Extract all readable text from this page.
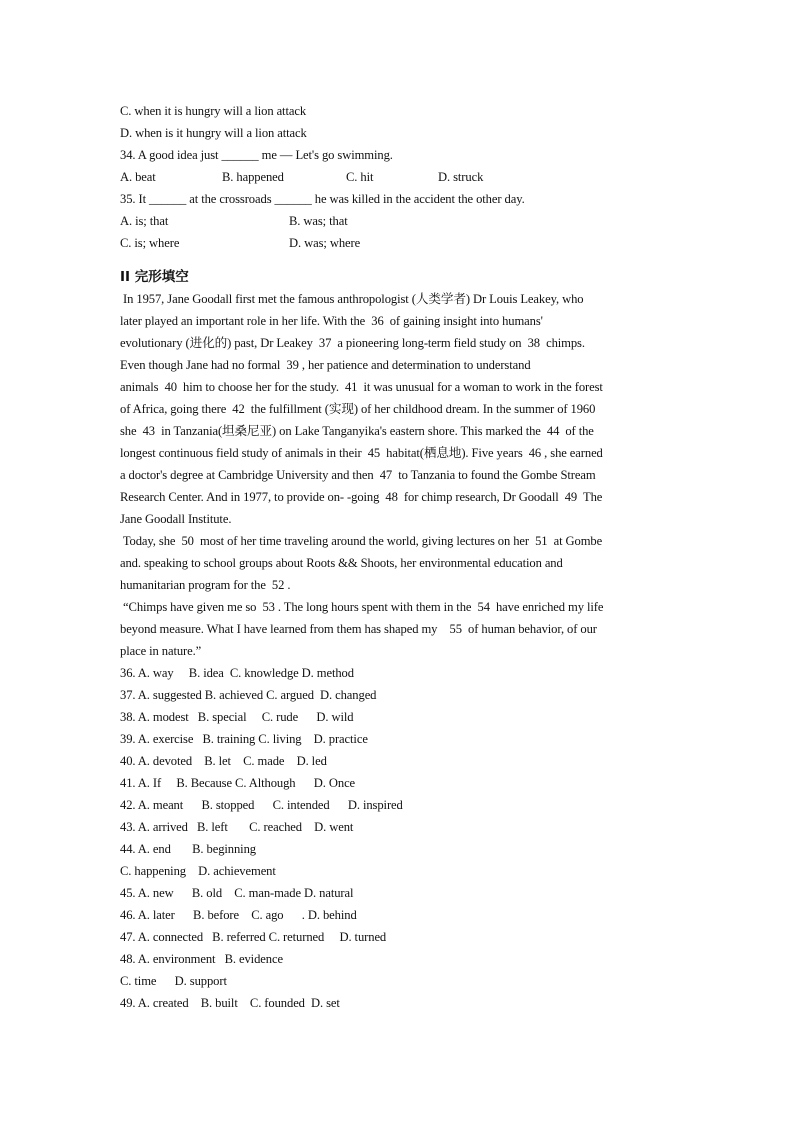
C. when it is hungry will a lion attack
D. when is it hungry will a lion attack
34. A good idea just ______ me — Let's go swimming.
A. beat	B. happened	C. hit	D. struck
35. It ______ at the crossroads ______ he was killed in the accident the other day.
A. is; that	B. was; that
C. is; where	D. was; where
II 完形填空
In 1957, Jane Goodall first met the famous anthropologist (人类学者) Dr Louis Leakey, who
later played an important role in her life. With the  36  of gaining insight into humans'
evolutionary (进化的) past, Dr Leakey  37  a pioneering long-term field study on  38  chimps.
Even though Jane had no formal  39 , her patience and determination to understand
animals  40  him to choose her for the study.  41  it was unusual for a woman to work in the forest
of Africa, going there  42  the fulfillment (实现) of her childhood dream. In the summer of 1960
she  43  in Tanzania(坦桑尼亚) on Lake Tanganyika's eastern shore. This marked the  44  of the
longest continuous field study of animals in their  45  habitat(栖息地). Five years  46 , she earned
a doctor's degree at Cambridge University and then  47  to Tanzania to found the Gombe Stream
Research Center. And in 1977, to provide on- -going  48  for chimp research, Dr Goodall  49  The
Jane Goodall Institute.
Today, she  50  most of her time traveling around the world, giving lectures on her  51  at Gombe
and. speaking to school groups about Roots && Shoots, her environmental education and
humanitarian program for the  52 .
“Chimps have given me so  53 . The long hours spent with them in the  54  have enriched my life
beyond measure. What I have learned from them has shaped my    55  of human behavior, of our
place in nature.”
36. A. way     B. idea  C. knowledge D. method
37. A. suggested B. achieved C. argued  D. changed
38. A. modest   B. special     C. rude      D. wild
39. A. exercise   B. training C. living    D. practice
40. A. devoted    B. let    C. made    D. led
41. A. If     B. Because C. Although      D. Once
42. A. meant      B. stopped      C. intended      D. inspired
43. A. arrived   B. left       C. reached    D. went
44. A. end       B. beginning
C. happening    D. achievement
45. A. new      B. old    C. man-made D. natural
46. A. later      B. before    C. ago      . D. behind
47. A. connected   B. referred C. returned     D. turned
48. A. environment   B. evidence
C. time      D. support
49. A. created    B. built    C. founded  D. set
